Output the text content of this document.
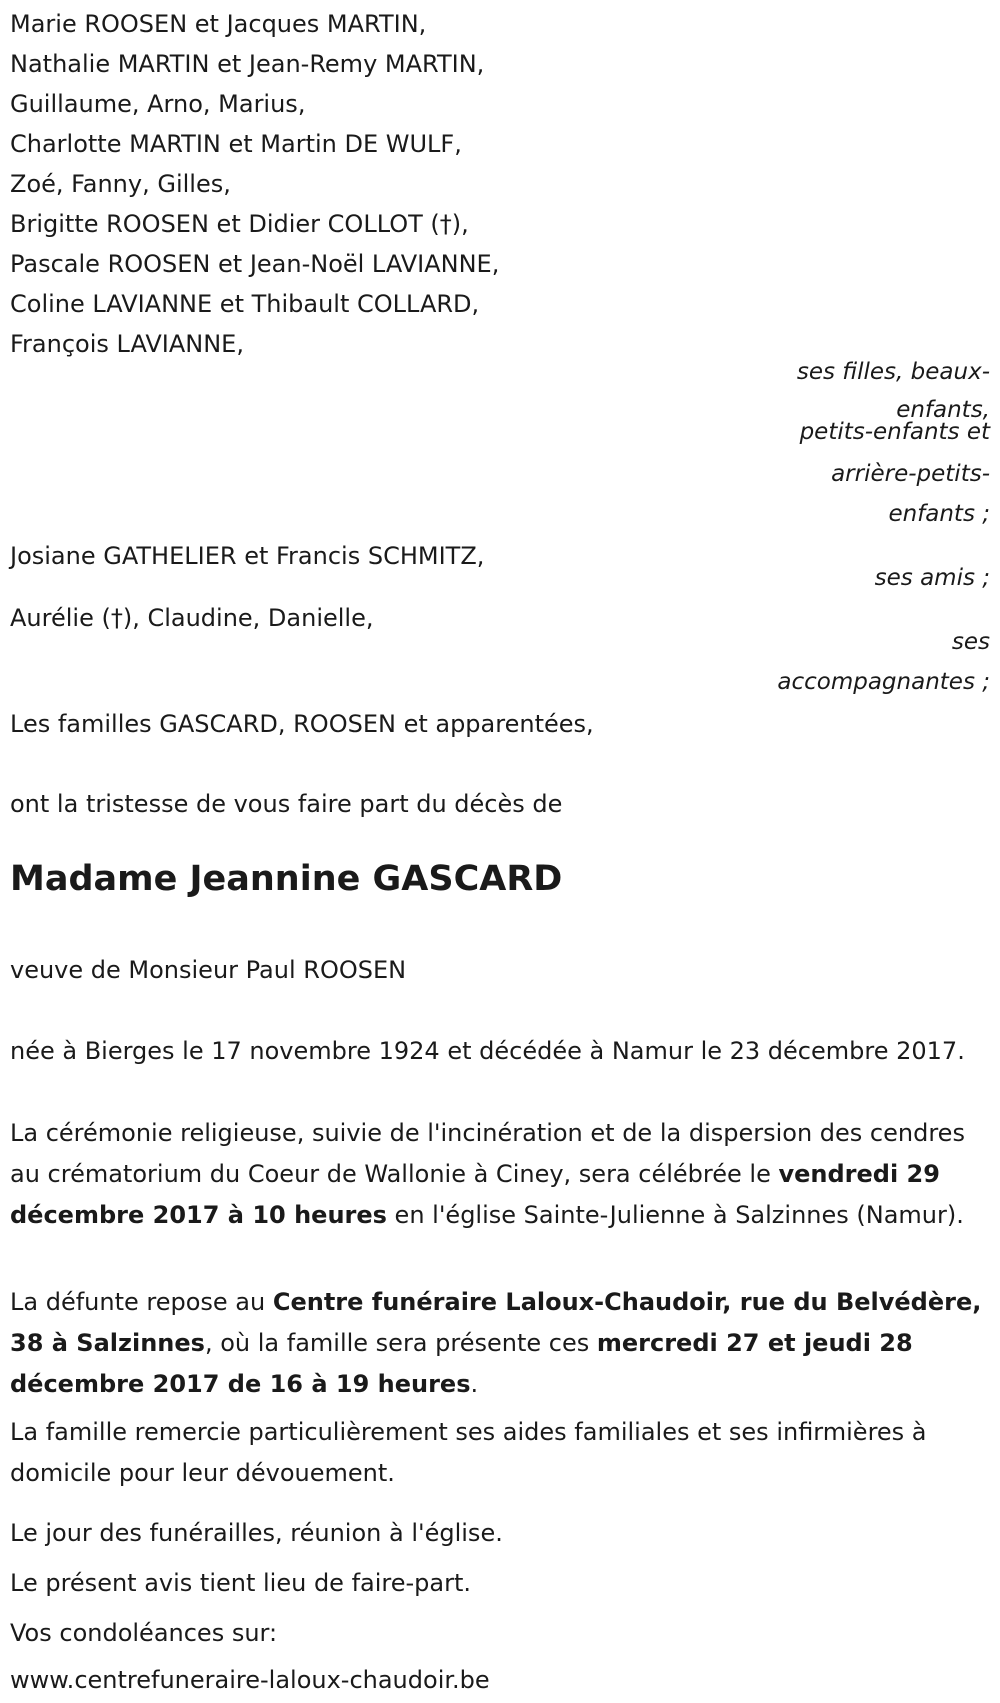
Marie ROOSEN et Jacques MARTIN,
Nathalie MARTIN et Jean-Remy MARTIN,
Guillaume, Arno, Marius,
Charlotte MARTIN et Martin DE WULF,
Zoé, Fanny, Gilles,
Brigitte ROOSEN et Didier COLLOT (†),
Pascale ROOSEN et Jean-Noël LAVIANNE,
Coline LAVIANNE et Thibault COLLARD,
François LAVIANNE,
ses filles, beaux-
enfants,
petits-enfants et
arrière-petits-
enfants ;
Josiane GATHELIER et Francis SCHMITZ,
ses amis ;
Aurélie (†), Claudine, Danielle,
ses
accompagnantes ;
Les familles GASCARD, ROOSEN et apparentées,
ont la tristesse de vous faire part du décès de
Madame Jeannine GASCARD
veuve de Monsieur Paul ROOSEN
née à Bierges le 17 novembre 1924 et décédée à Namur le 23 décembre 2017.
La cérémonie religieuse, suivie de l'incinération et de la dispersion des cendres au crématorium du Coeur de Wallonie à Ciney, sera célébrée le vendredi 29 décembre 2017 à 10 heures en l'église Sainte-Julienne à Salzinnes (Namur).
La défunte repose au Centre funéraire Laloux-Chaudoir, rue du Belvédère, 38 à Salzinnes, où la famille sera présente ces mercredi 27 et jeudi 28 décembre 2017 de 16 à 19 heures.
La famille remercie particulièrement ses aides familiales et ses infirmières à domicile pour leur dévouement.
Le jour des funérailles, réunion à l'église.
Le présent avis tient lieu de faire-part.
Vos condoléances sur:
www.centrefuneraire-laloux-chaudoir.be
